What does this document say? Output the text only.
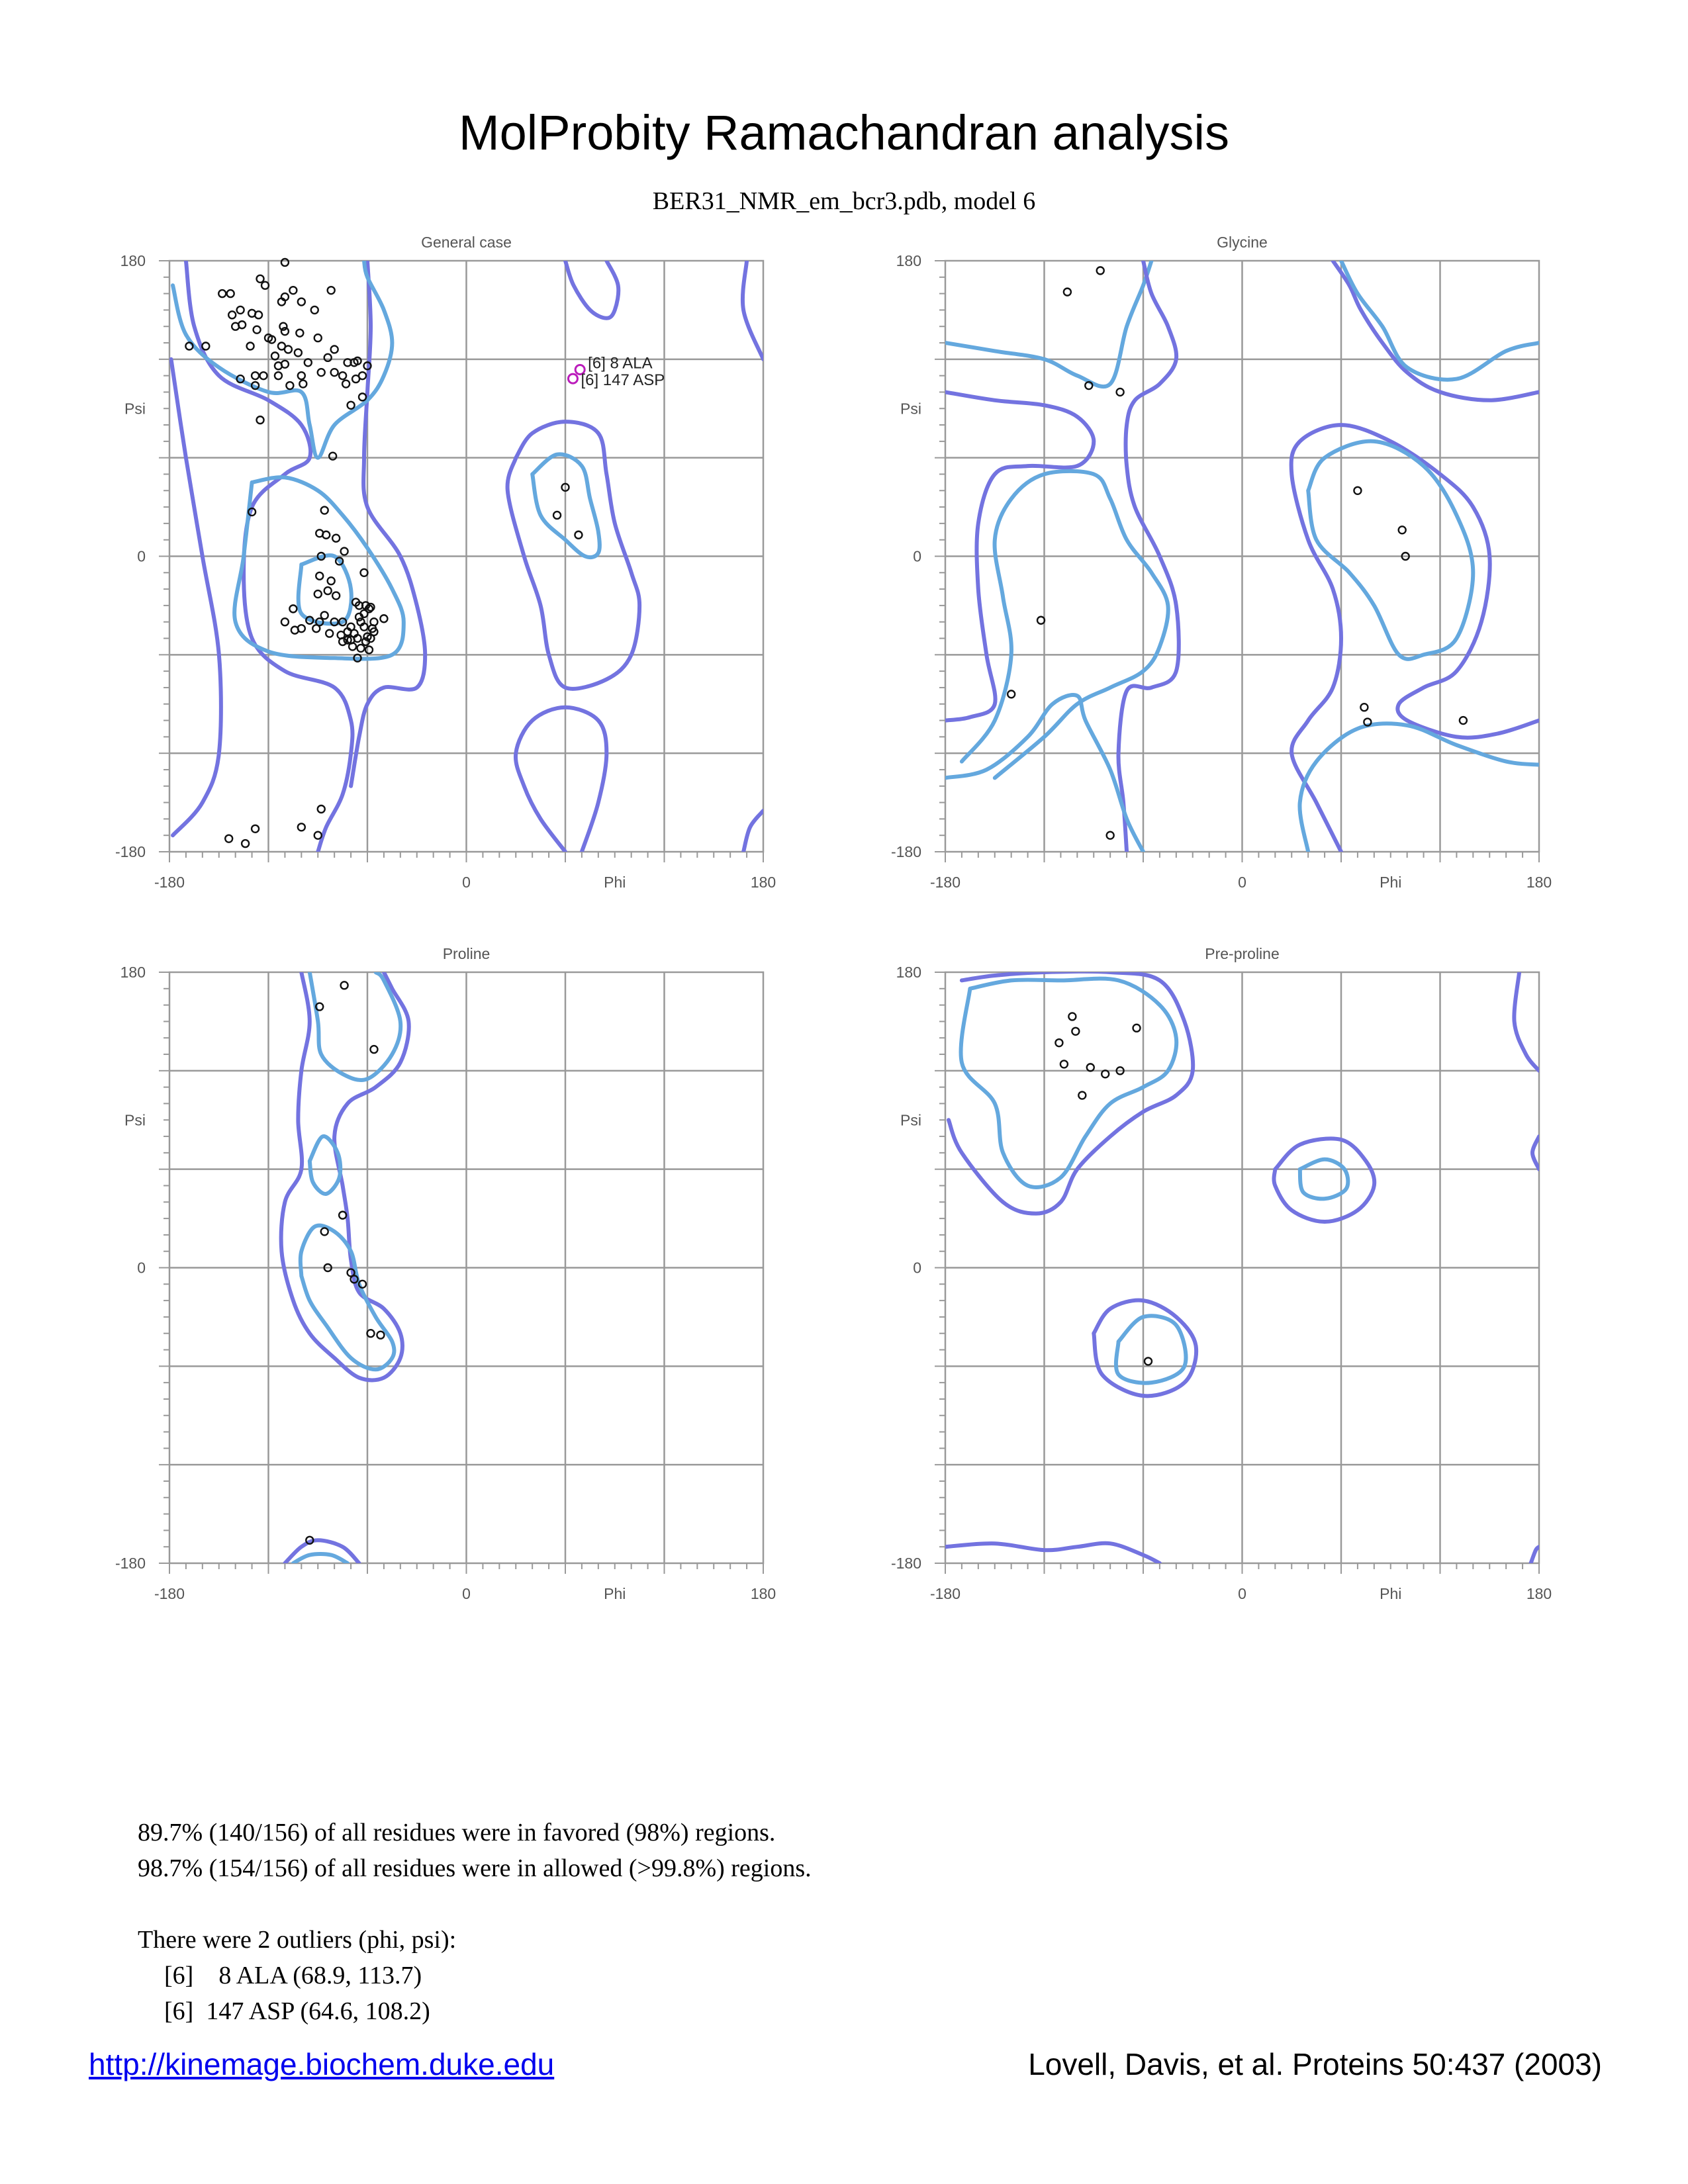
MolProbity Ramachandran analysis
BER31_NMR_em_bcr3.pdb, model 6
General case
-180	0	180
Phi
180
0
-180
Psi
[6] 8 ALA
[6] 147 ASP
Glycine
-180	0	180
Phi
180
0
-180
Psi
Proline
-180	0	180
Phi
180
0
-180
Psi
Pre-proline
-180	0	180
Phi
180
0
-180
Psi
89.7% (140/156) of all residues were in favored (98%) regions.
98.7% (154/156) of all residues were in allowed (>99.8%) regions.
There were 2 outliers (phi, psi):
[6] 8 ALA (68.9, 113.7)
[6] 147 ASP (64.6, 108.2)
http://kinemage.biochem.duke.edu	Lovell, Davis, et al. Proteins 50:437 (2003)
